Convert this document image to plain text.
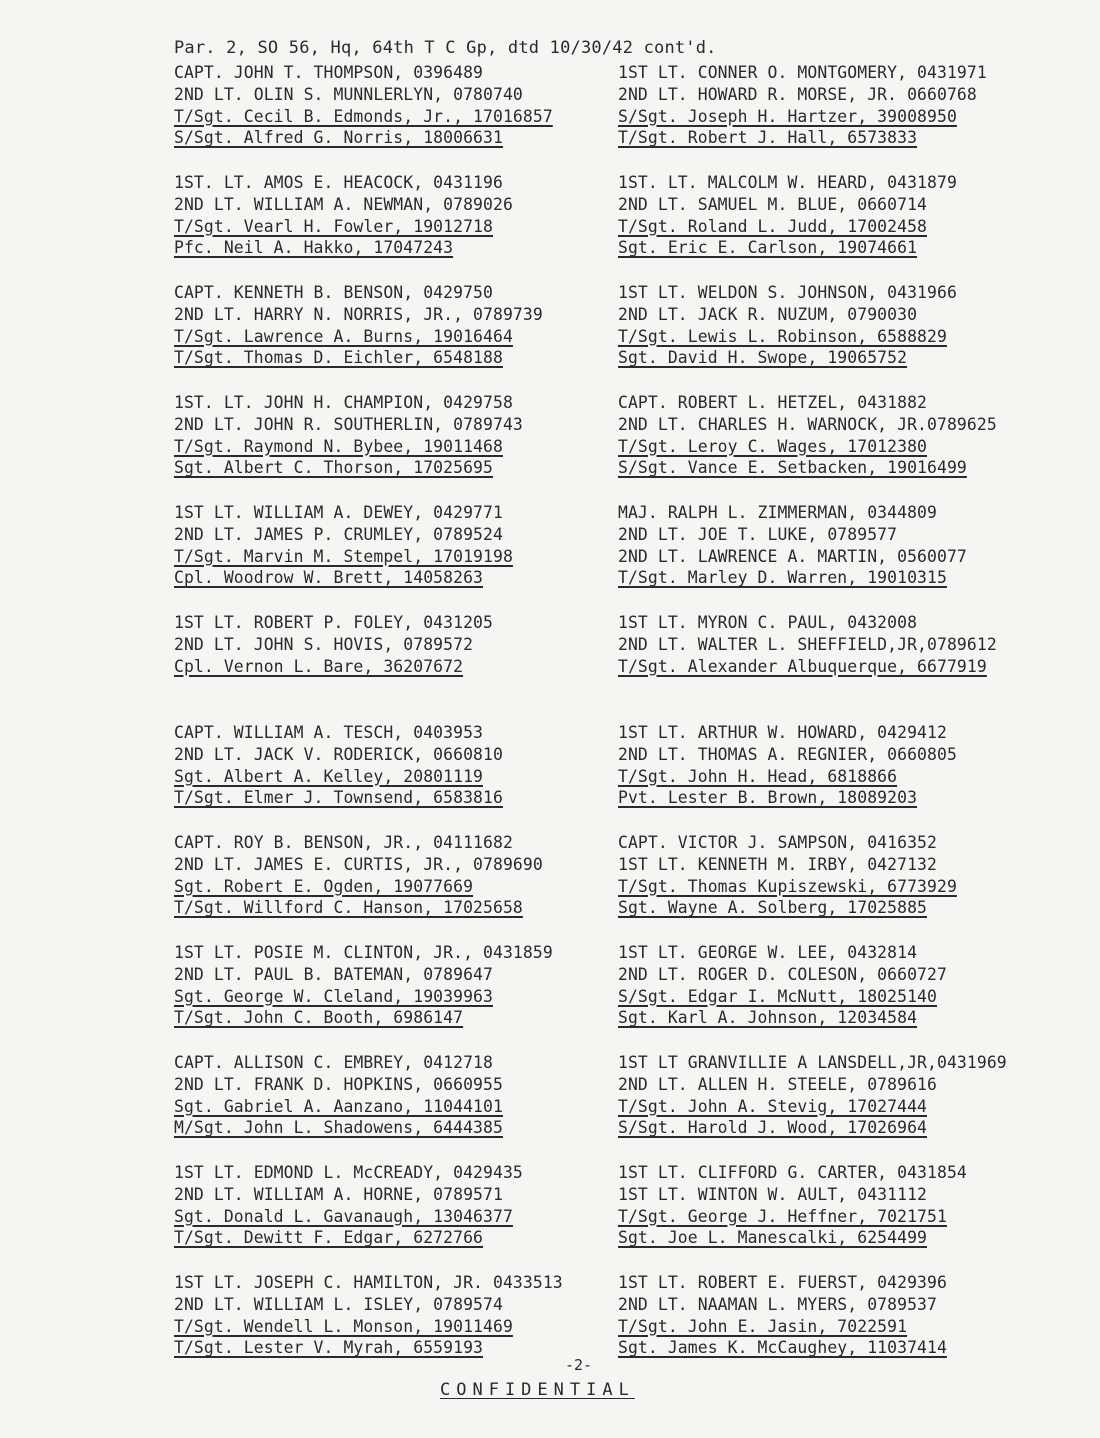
Par. 2, SO 56, Hq, 64th T C Gp, dtd 10/30/42 cont'd.
CAPT. JOHN T. THOMPSON, 0396489
2ND LT. OLIN S. MUNNLERLYN, 0780740
T/Sgt. Cecil B. Edmonds, Jr., 17016857
S/Sgt. Alfred G. Norris, 18006631
1ST. LT. AMOS E. HEACOCK, 0431196
2ND LT. WILLIAM A. NEWMAN, 0789026
T/Sgt. Vearl H. Fowler, 19012718
Pfc. Neil A. Hakko, 17047243
CAPT. KENNETH B. BENSON, 0429750
2ND LT. HARRY N. NORRIS, JR., 0789739
T/Sgt. Lawrence A. Burns, 19016464
T/Sgt. Thomas D. Eichler, 6548188
1ST. LT. JOHN H. CHAMPION, 0429758
2ND LT. JOHN R. SOUTHERLIN, 0789743
T/Sgt. Raymond N. Bybee, 19011468
Sgt. Albert C. Thorson, 17025695
1ST LT. WILLIAM A. DEWEY, 0429771
2ND LT. JAMES P. CRUMLEY, 0789524
T/Sgt. Marvin M. Stempel, 17019198
Cpl. Woodrow W. Brett, 14058263
1ST LT. ROBERT P. FOLEY, 0431205
2ND LT. JOHN S. HOVIS, 0789572
Cpl. Vernon L. Bare, 36207672
CAPT. WILLIAM A. TESCH, 0403953
2ND LT. JACK V. RODERICK, 0660810
Sgt. Albert A. Kelley, 20801119
T/Sgt. Elmer J. Townsend, 6583816
CAPT. ROY B. BENSON, JR., 04111682
2ND LT. JAMES E. CURTIS, JR., 0789690
Sgt. Robert E. Ogden, 19077669
T/Sgt. Willford C. Hanson, 17025658
1ST LT. POSIE M. CLINTON, JR., 0431859
2ND LT. PAUL B. BATEMAN, 0789647
Sgt. George W. Cleland, 19039963
T/Sgt. John C. Booth, 6986147
CAPT. ALLISON C. EMBREY, 0412718
2ND LT. FRANK D. HOPKINS, 0660955
Sgt. Gabriel A. Aanzano, 11044101
M/Sgt. John L. Shadowens, 6444385
1ST LT. EDMOND L. McCREADY, 0429435
2ND LT. WILLIAM A. HORNE, 0789571
Sgt. Donald L. Gavanaugh, 13046377
T/Sgt. Dewitt F. Edgar, 6272766
1ST LT. JOSEPH C. HAMILTON, JR. 0433513
2ND LT. WILLIAM L. ISLEY, 0789574
T/Sgt. Wendell L. Monson, 19011469
T/Sgt. Lester V. Myrah, 6559193
1ST LT. CONNER O. MONTGOMERY, 0431971
2ND LT. HOWARD R. MORSE, JR. 0660768
S/Sgt. Joseph H. Hartzer, 39008950
T/Sgt. Robert J. Hall, 6573833
1ST. LT. MALCOLM W. HEARD, 0431879
2ND LT. SAMUEL M. BLUE, 0660714
T/Sgt. Roland L. Judd, 17002458
Sgt. Eric E. Carlson, 19074661
1ST LT. WELDON S. JOHNSON, 0431966
2ND LT. JACK R. NUZUM, 0790030
T/Sgt. Lewis L. Robinson, 6588829
Sgt. David H. Swope, 19065752
CAPT. ROBERT L. HETZEL, 0431882
2ND LT. CHARLES H. WARNOCK, JR.0789625
T/Sgt. Leroy C. Wages, 17012380
S/Sgt. Vance E. Setbacken, 19016499
MAJ. RALPH L. ZIMMERMAN, 0344809
2ND LT. JOE T. LUKE, 0789577
2ND LT. LAWRENCE A. MARTIN, 0560077
T/Sgt. Marley D. Warren, 19010315
1ST LT. MYRON C. PAUL, 0432008
2ND LT. WALTER L. SHEFFIELD,JR,0789612
T/Sgt. Alexander Albuquerque, 6677919
1ST LT. ARTHUR W. HOWARD, 0429412
2ND LT. THOMAS A. REGNIER, 0660805
T/Sgt. John H. Head, 6818866
Pvt. Lester B. Brown, 18089203
CAPT. VICTOR J. SAMPSON, 0416352
1ST LT. KENNETH M. IRBY, 0427132
T/Sgt. Thomas Kupiszewski, 6773929
Sgt. Wayne A. Solberg, 17025885
1ST LT. GEORGE W. LEE, 0432814
2ND LT. ROGER D. COLESON, 0660727
S/Sgt. Edgar I. McNutt, 18025140
Sgt. Karl A. Johnson, 12034584
1ST LT GRANVILLIE A LANSDELL,JR,0431969
2ND LT. ALLEN H. STEELE, 0789616
T/Sgt. John A. Stevig, 17027444
S/Sgt. Harold J. Wood, 17026964
1ST LT. CLIFFORD G. CARTER, 0431854
1ST LT. WINTON W. AULT, 0431112
T/Sgt. George J. Heffner, 7021751
Sgt. Joe L. Manescalki, 6254499
1ST LT. ROBERT E. FUERST, 0429396
2ND LT. NAAMAN L. MYERS, 0789537
T/Sgt. John E. Jasin, 7022591
Sgt. James K. McCaughey, 11037414
-2-
CONFIDENTIAL
